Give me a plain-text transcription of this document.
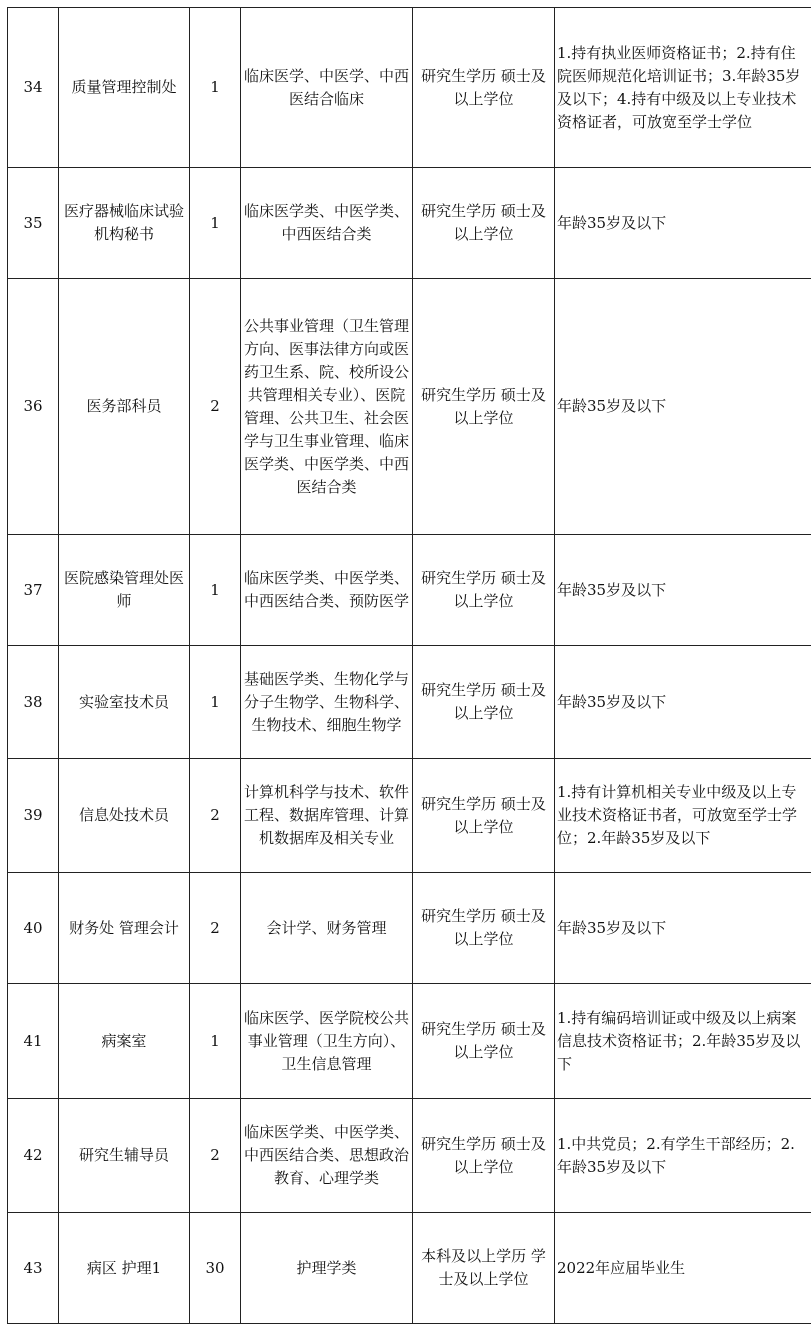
34	质量管理控制处	1	临床医学、中医学、中西医结合临床	研究生学历 硕士及以上学位	1.持有执业医师资格证书；2.持有住院医师规范化培训证书；3.年龄35岁及以下；4.持有中级及以上专业技术资格证者，可放宽至学士学位
35	医疗器械临床试验机构秘书	1	临床医学类、中医学类、中西医结合类	研究生学历 硕士及以上学位	年龄35岁及以下
36	医务部科员	2	公共事业管理（卫生管理方向、医事法律方向或医药卫生系、院、校所设公共管理相关专业）、医院管理、公共卫生、社会医学与卫生事业管理、临床医学类、中医学类、中西医结合类	研究生学历 硕士及以上学位	年龄35岁及以下
37	医院感染管理处医师	1	临床医学类、中医学类、中西医结合类、预防医学	研究生学历 硕士及以上学位	年龄35岁及以下
38	实验室技术员	1	基础医学类、生物化学与分子生物学、生物科学、生物技术、细胞生物学	研究生学历 硕士及以上学位	年龄35岁及以下
39	信息处技术员	2	计算机科学与技术、软件工程、数据库管理、计算机数据库及相关专业	研究生学历 硕士及以上学位	1.持有计算机相关专业中级及以上专业技术资格证书者，可放宽至学士学位；2.年龄35岁及以下
40	财务处 管理会计	2	会计学、财务管理	研究生学历 硕士及以上学位	年龄35岁及以下
41	病案室	1	临床医学、医学院校公共事业管理（卫生方向）、卫生信息管理	研究生学历 硕士及以上学位	1.持有编码培训证或中级及以上病案信息技术资格证书；2.年龄35岁及以下
42	研究生辅导员	2	临床医学类、中医学类、中西医结合类、思想政治教育、心理学类	研究生学历 硕士及以上学位	1.中共党员；2.有学生干部经历；2.年龄35岁及以下
43	病区 护理1	30	护理学类	本科及以上学历 学士及以上学位	2022年应届毕业生
